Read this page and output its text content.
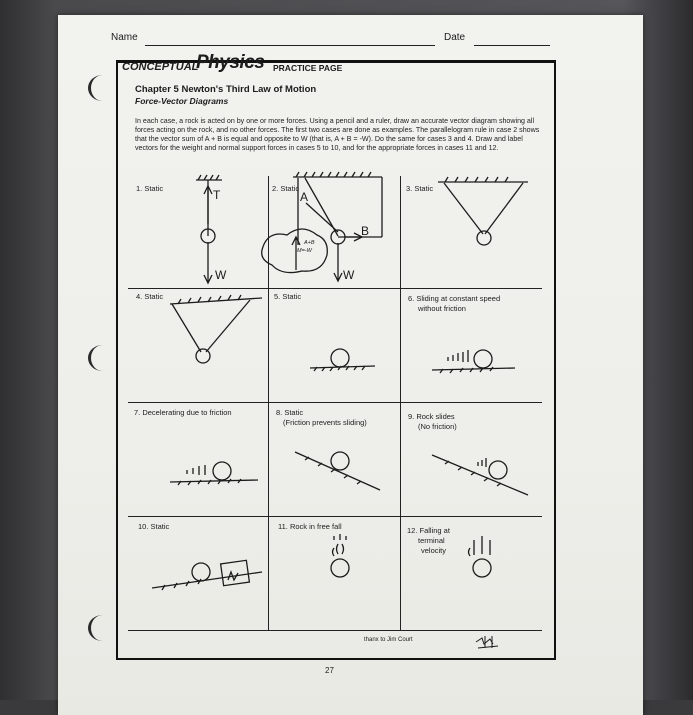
Name	Date
CONCEPTUAL
Physics PRACTICE PAGE
Chapter 5 Newton's Third Law of Motion
Force-Vector Diagrams
In each case, a rock is acted on by one or more forces. Using a pencil and a ruler, draw an accurate vector diagram showing all forces acting on the rock, and no other forces. The first two cases are done as examples. The parallelogram rule in case 2 shows that the vector sum of A + B is equal and opposite to W (that is, A + B = -W). Do the same for cases 3 and 4. Draw and label vectors for the weight and normal support forces in cases 5 to 10, and for the appropriate forces in cases 11 and 12.
1. Static	2. Static	3. Static
4. Static	5. Static	6. Sliding at constant speed
without friction
7. Decelerating due to friction	8. Static
(Friction prevents sliding)
9. Rock slides
(No friction)
10. Static	11. Rock in free fall	12. Falling at
terminal
velocity
T
W
A
B
W
A+B
M=-W
thanx to Jim Court
27
